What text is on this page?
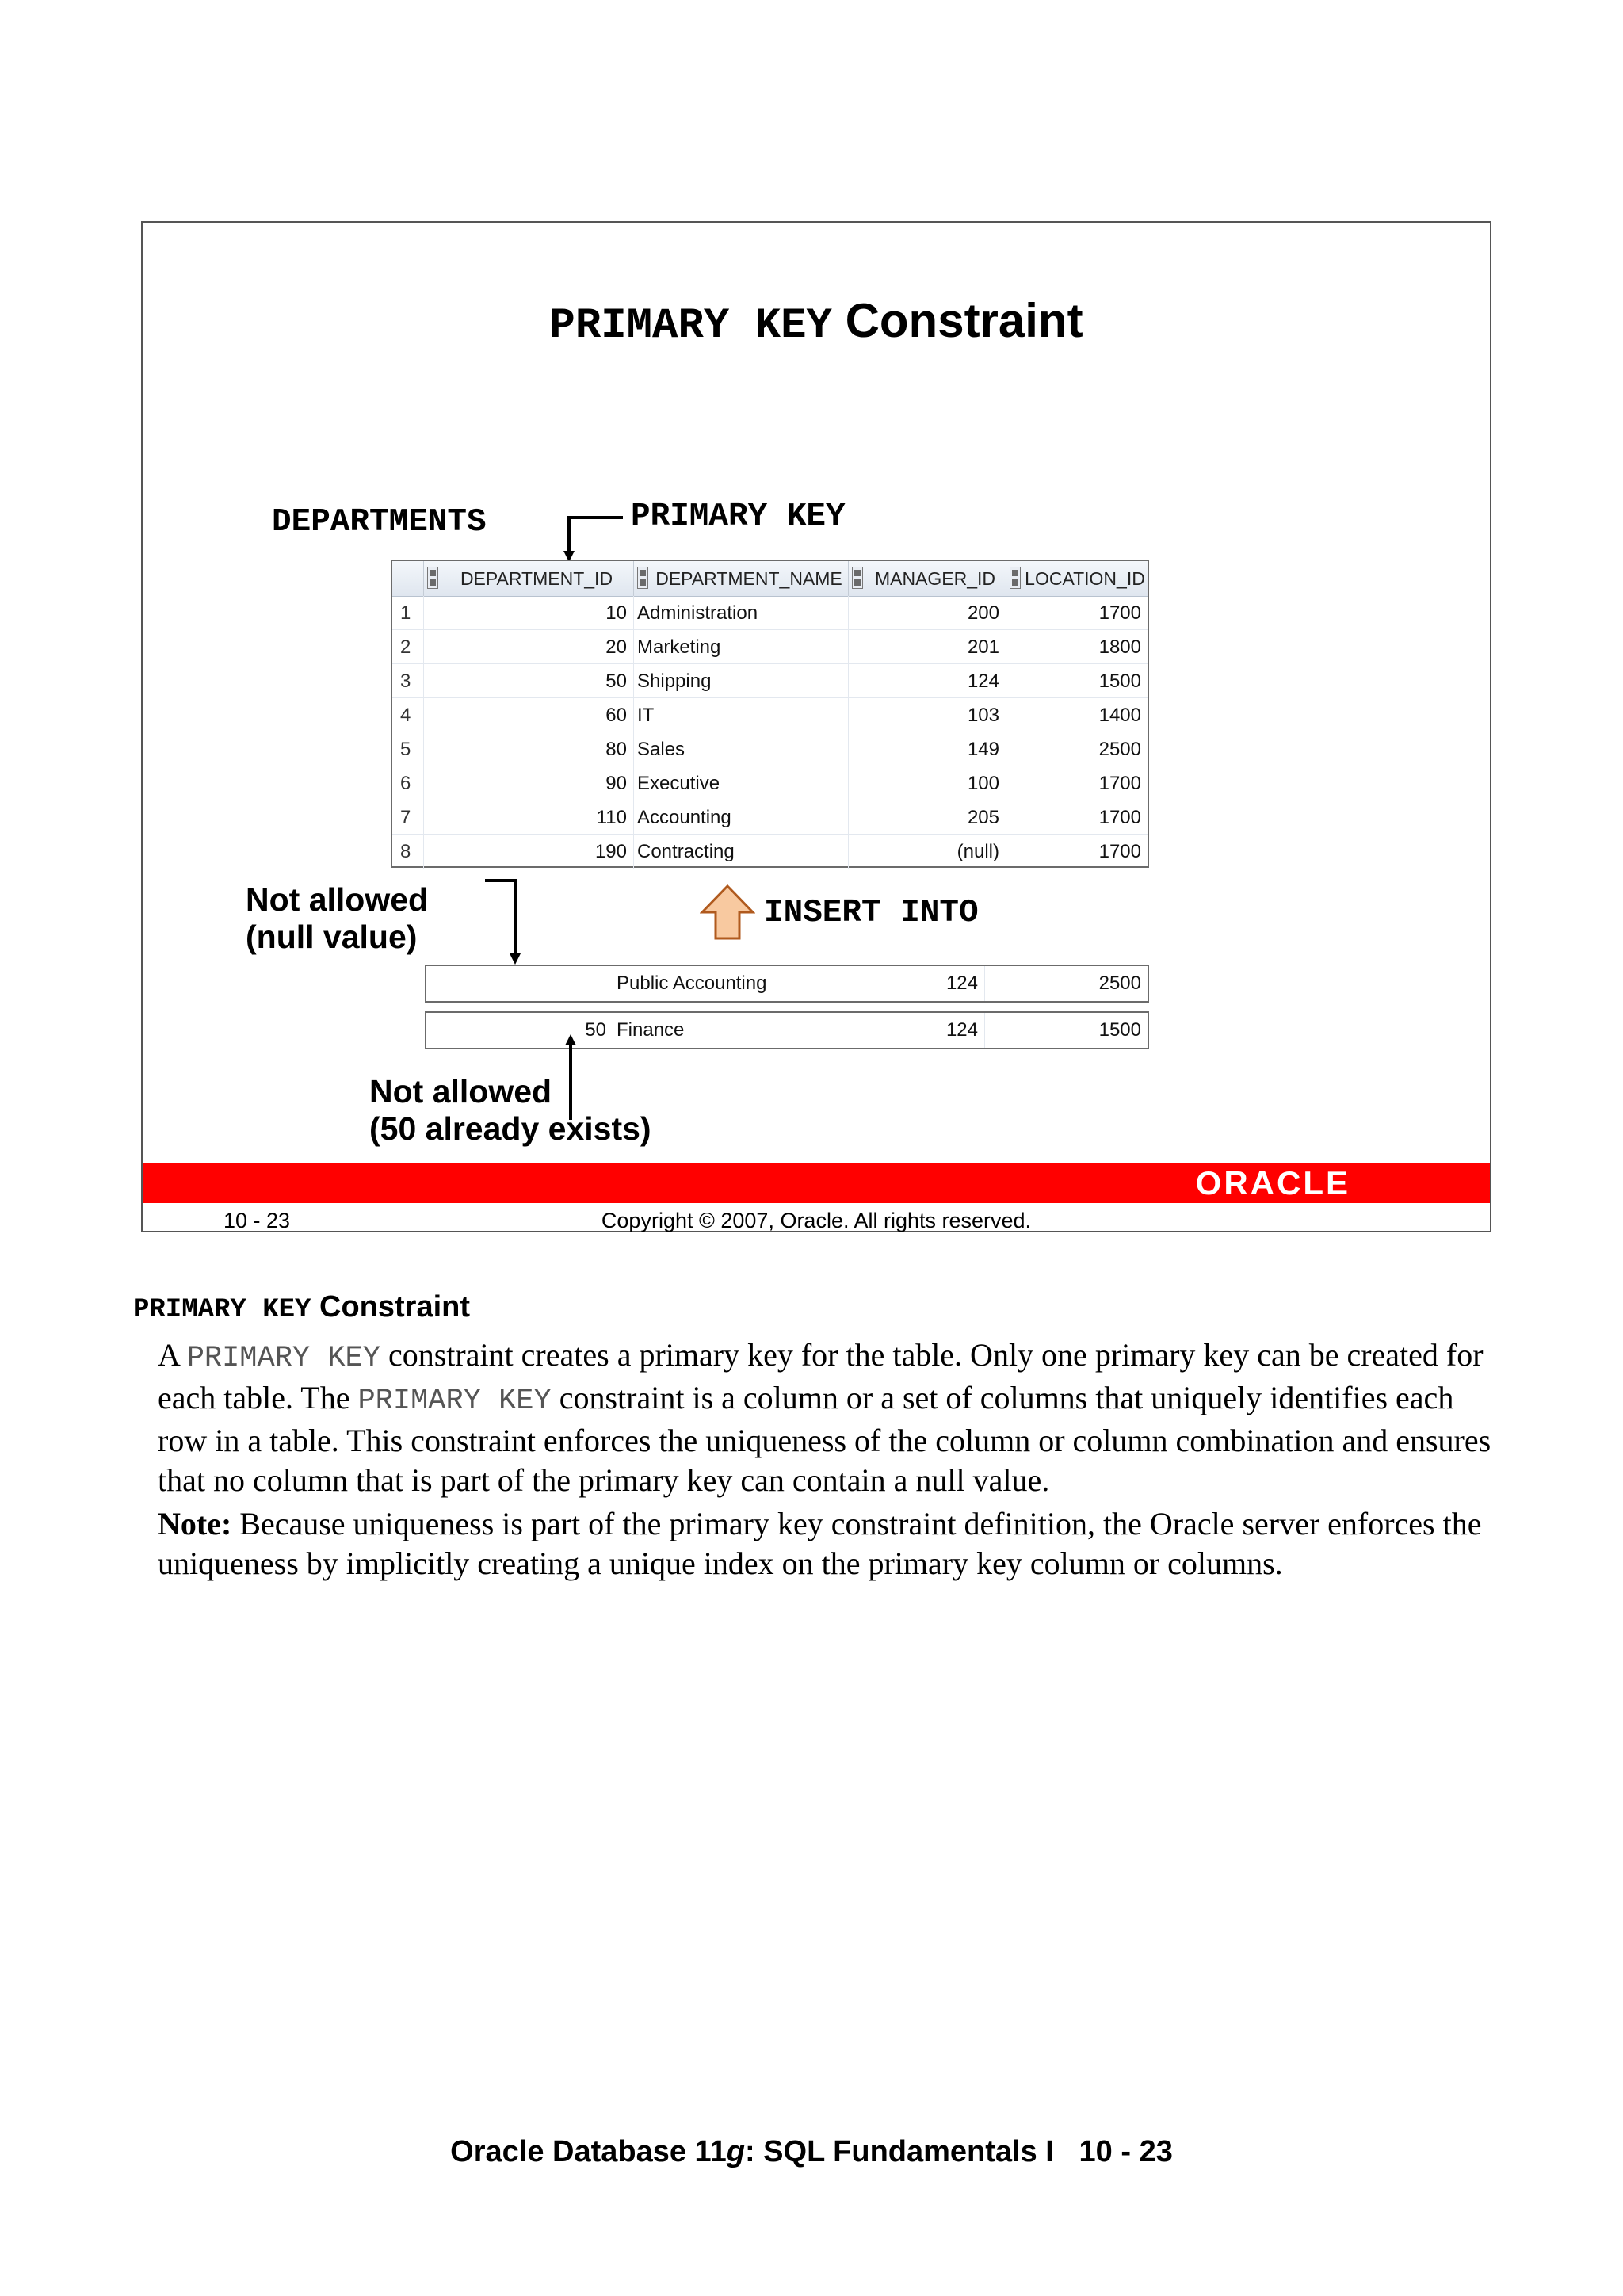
PRIMARY KEY Constraint
DEPARTMENTS	PRIMARY KEY
DEPARTMENT_ID	DEPARTMENT_NAME	MANAGER_ID	LOCATION_ID
1	10 Administration	200	1700
2	20 Marketing	201	1800
3	50 Shipping	124	1500
4	60 IT	103	1400
5	80 Sales	149	2500
6	90 Executive	100	1700
7	110 Accounting	205	1700
8	190 Contracting	(null)	1700
Not allowed
(null value)
INSERT INTO
Public Accounting	124	2500
50 Finance	124	1500
Not allowed
(50 already exists)
ORACLE
10 - 23	Copyright © 2007, Oracle. All rights reserved.
PRIMARY KEY Constraint
A PRIMARY KEY constraint creates a primary key for the table. Only one primary key can be created for each table. The PRIMARY KEY constraint is a column or a set of columns that uniquely identifies each row in a table. This constraint enforces the uniqueness of the column or column combination and ensures that no column that is part of the primary key can contain a null value.
Note: Because uniqueness is part of the primary key constraint definition, the Oracle server enforces the uniqueness by implicitly creating a unique index on the primary key column or columns.
Oracle Database 11g: SQL Fundamentals I   10 - 23
